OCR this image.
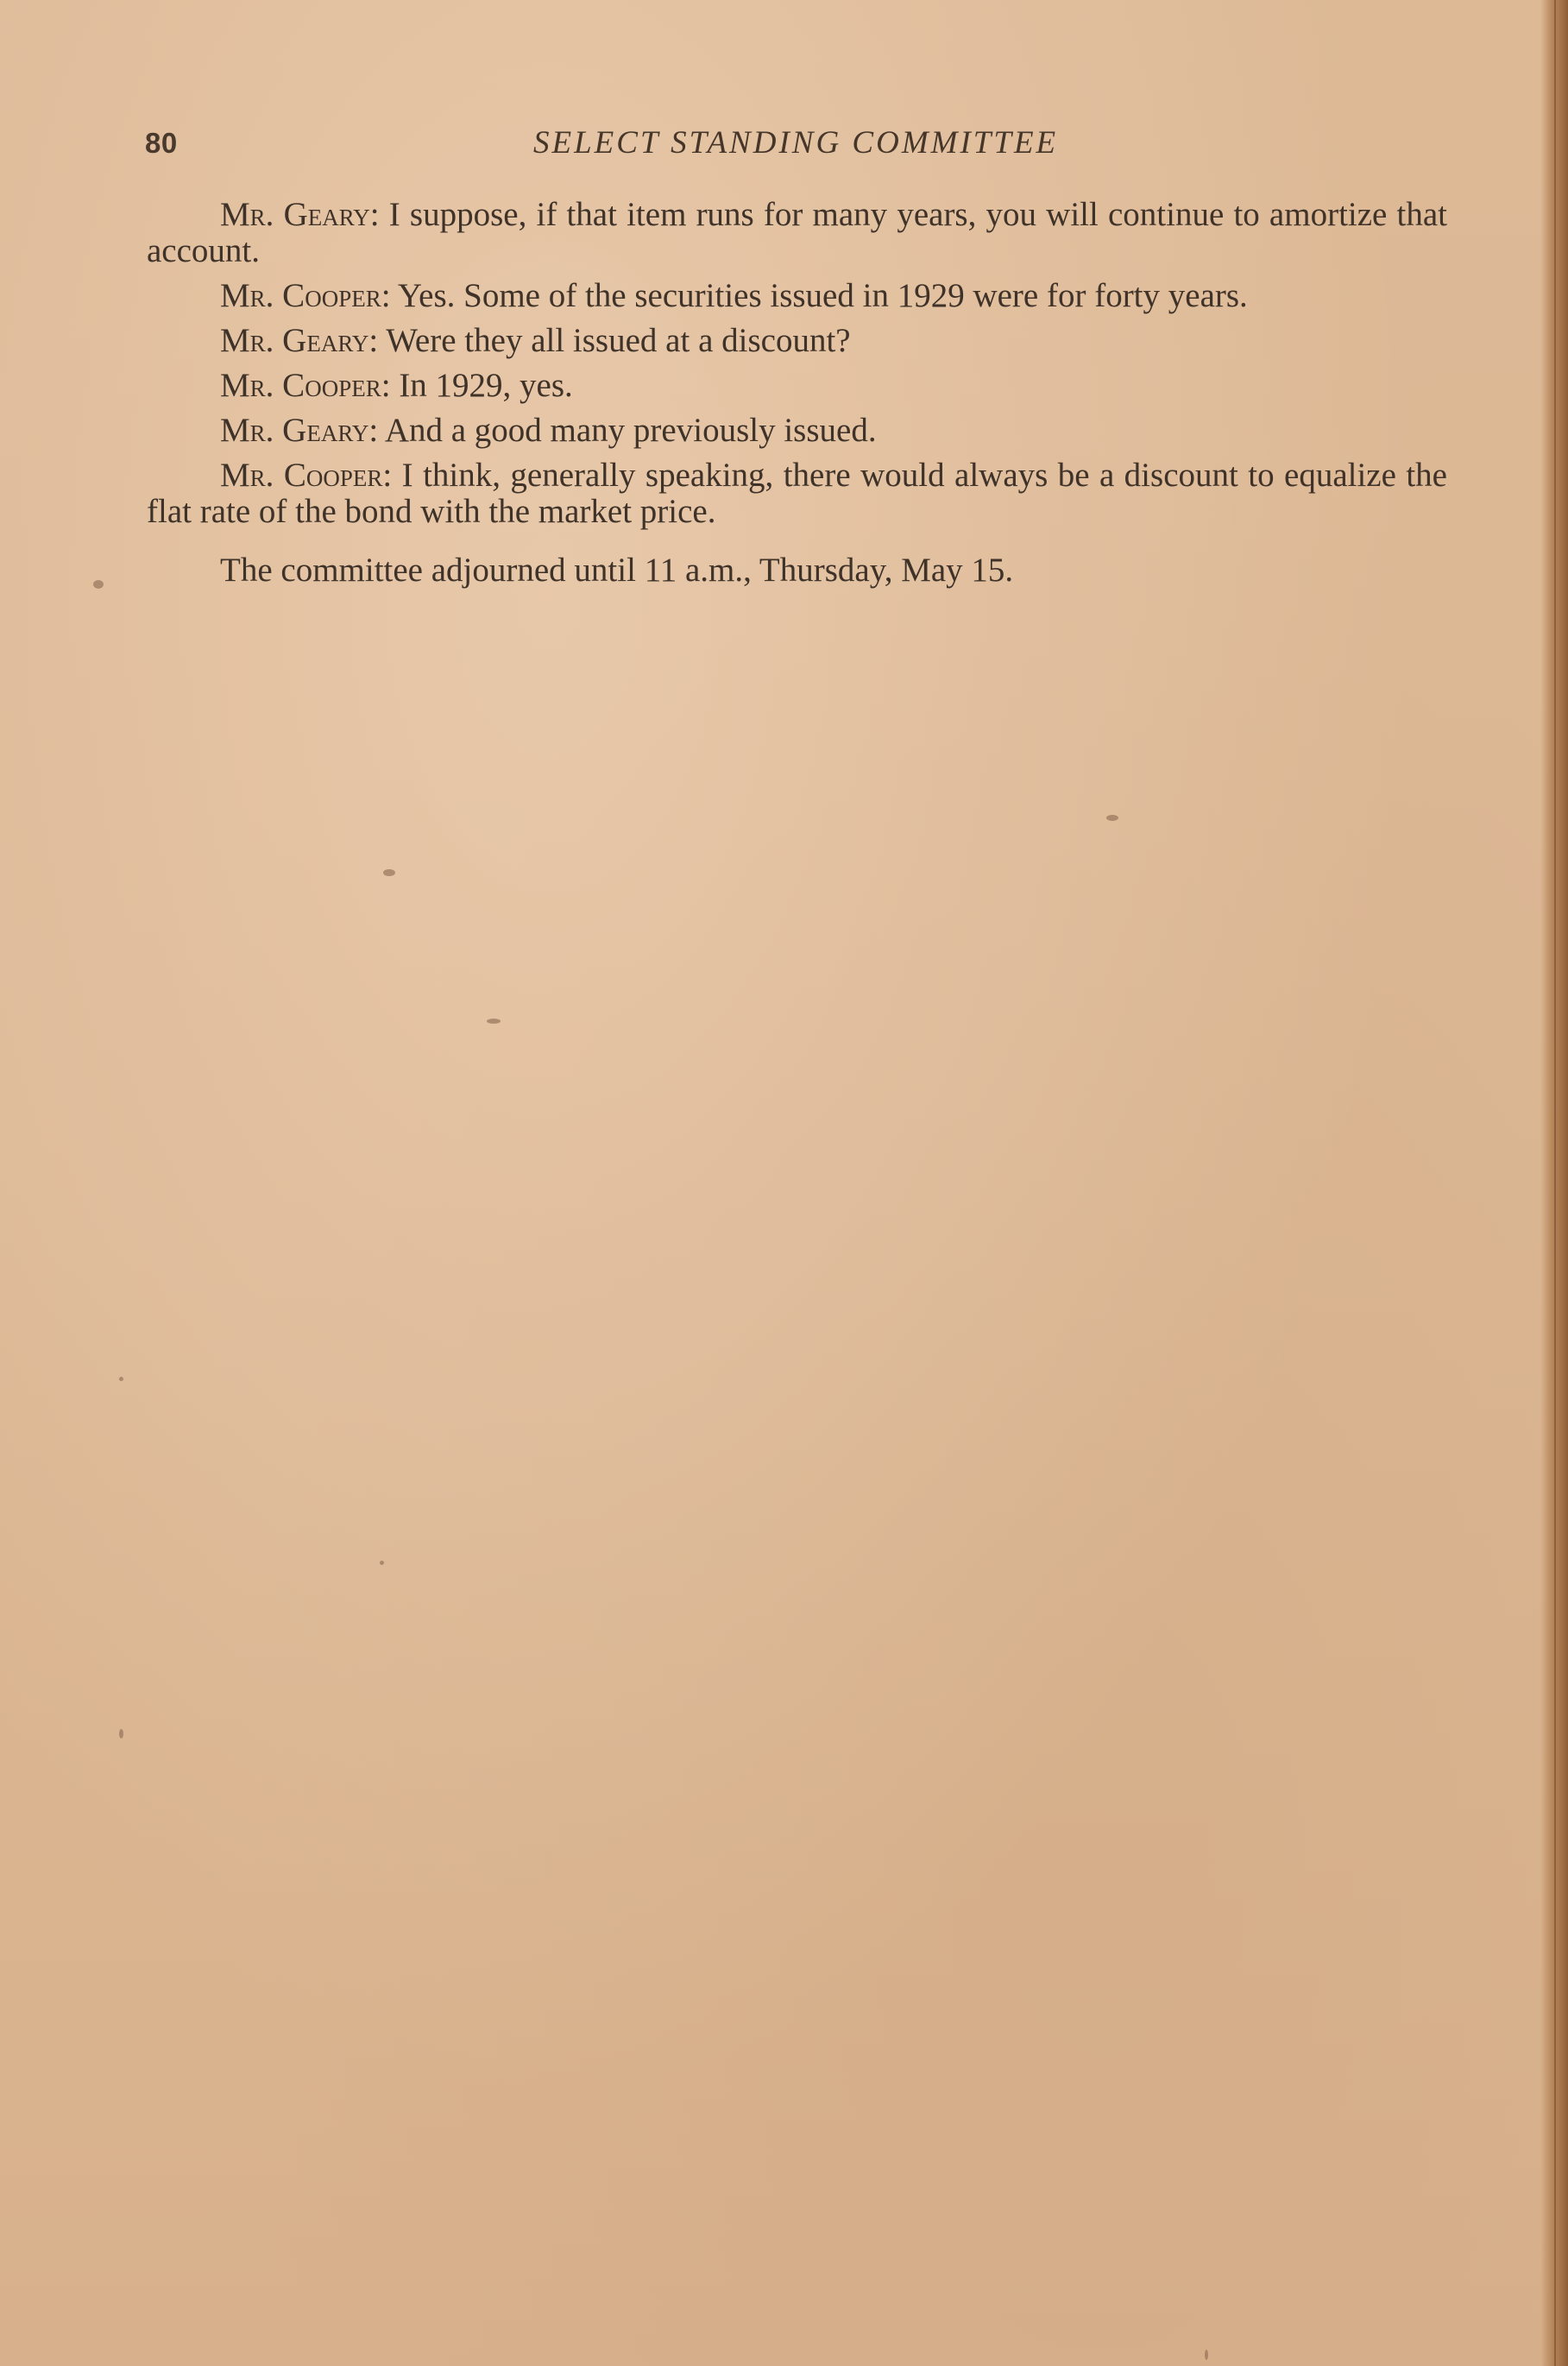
80	SELECT STANDING COMMITTEE

Mr. Geary: I suppose, if that item runs for many years, you will continue to amortize that account.

Mr. Cooper: Yes. Some of the securities issued in 1929 were for forty years.

Mr. Geary: Were they all issued at a discount?

Mr. Cooper: In 1929, yes.

Mr. Geary: And a good many previously issued.

Mr. Cooper: I think, generally speaking, there would always be a discount to equalize the flat rate of the bond with the market price.

The committee adjourned until 11 a.m., Thursday, May 15.
